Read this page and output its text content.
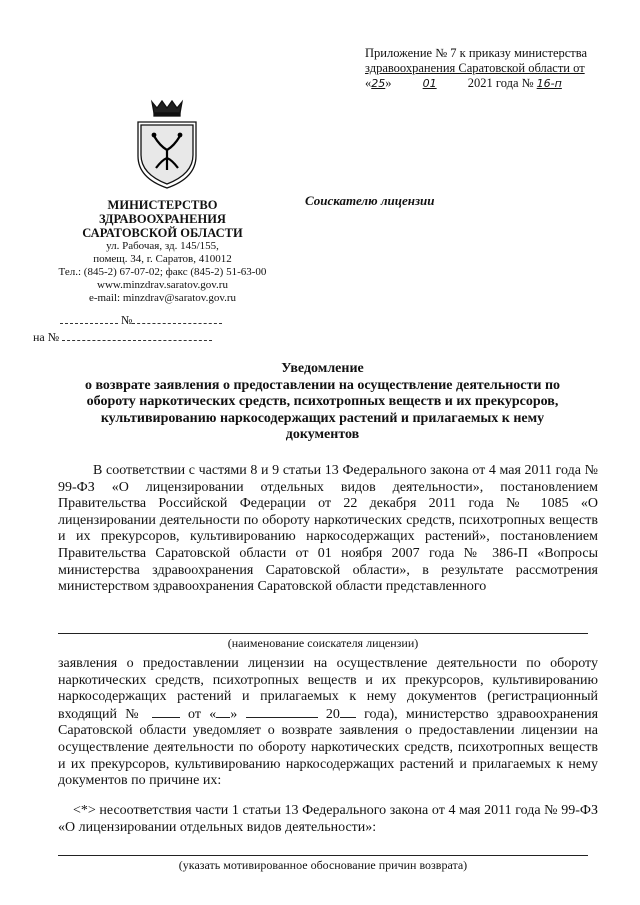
Приложение № 7 к приказу министерства
здравоохранения Саратовской области от
«25»	01 2021 года № 16-п
МИНИСТЕРСТВО
ЗДРАВООХРАНЕНИЯ
САРАТОВСКОЙ ОБЛАСТИ
ул. Рабочая, зд. 145/155,
помещ. 34, г. Саратов, 410012
Тел.: (845-2) 67-07-02; факс (845-2) 51-63-00
www.minzdrav.saratov.gov.ru
e-mail: minzdrav@saratov.gov.ru
Соискателю лицензии
№
на №
Уведомление
о возврате заявления о предоставлении на осуществление деятельности по
обороту наркотических средств, психотропных веществ и их прекурсоров,
культивированию наркосодержащих растений и прилагаемых к нему
документов
В соответствии с частями 8 и 9 статьи 13 Федерального закона от 4 мая 2011 года № 99-ФЗ «О лицензировании отдельных видов деятельности», постановлением Правительства Российской Федерации от 22 декабря 2011 года № 1085 «О лицензировании деятельности по обороту наркотических средств, психотропных веществ и их прекурсоров, культивированию наркосодержащих растений», постановлением Правительства Саратовской области от 01 ноября 2007 года № 386-П «Вопросы министерства здравоохранения Саратовской области», в результате рассмотрения министерством здравоохранения Саратовской области представленного
(наименование соискателя лицензии)
заявления о предоставлении лицензии на осуществление деятельности по обороту наркотических средств, психотропных веществ и их прекурсоров, культивированию наркосодержащих растений и прилагаемых к нему документов (регистрационный входящий №	от « »	20 года), министерство здравоохранения Саратовской области уведомляет о возврате заявления о предоставлении лицензии на осуществление деятельности по обороту наркотических средств, психотропных веществ и их прекурсоров, культивированию наркосодержащих растений и прилагаемых к нему документов по причине их:
<*> несоответствия части 1 статьи 13 Федерального закона от 4 мая 2011 года № 99-ФЗ «О лицензировании отдельных видов деятельности»:
(указать мотивированное обоснование причин возврата)
